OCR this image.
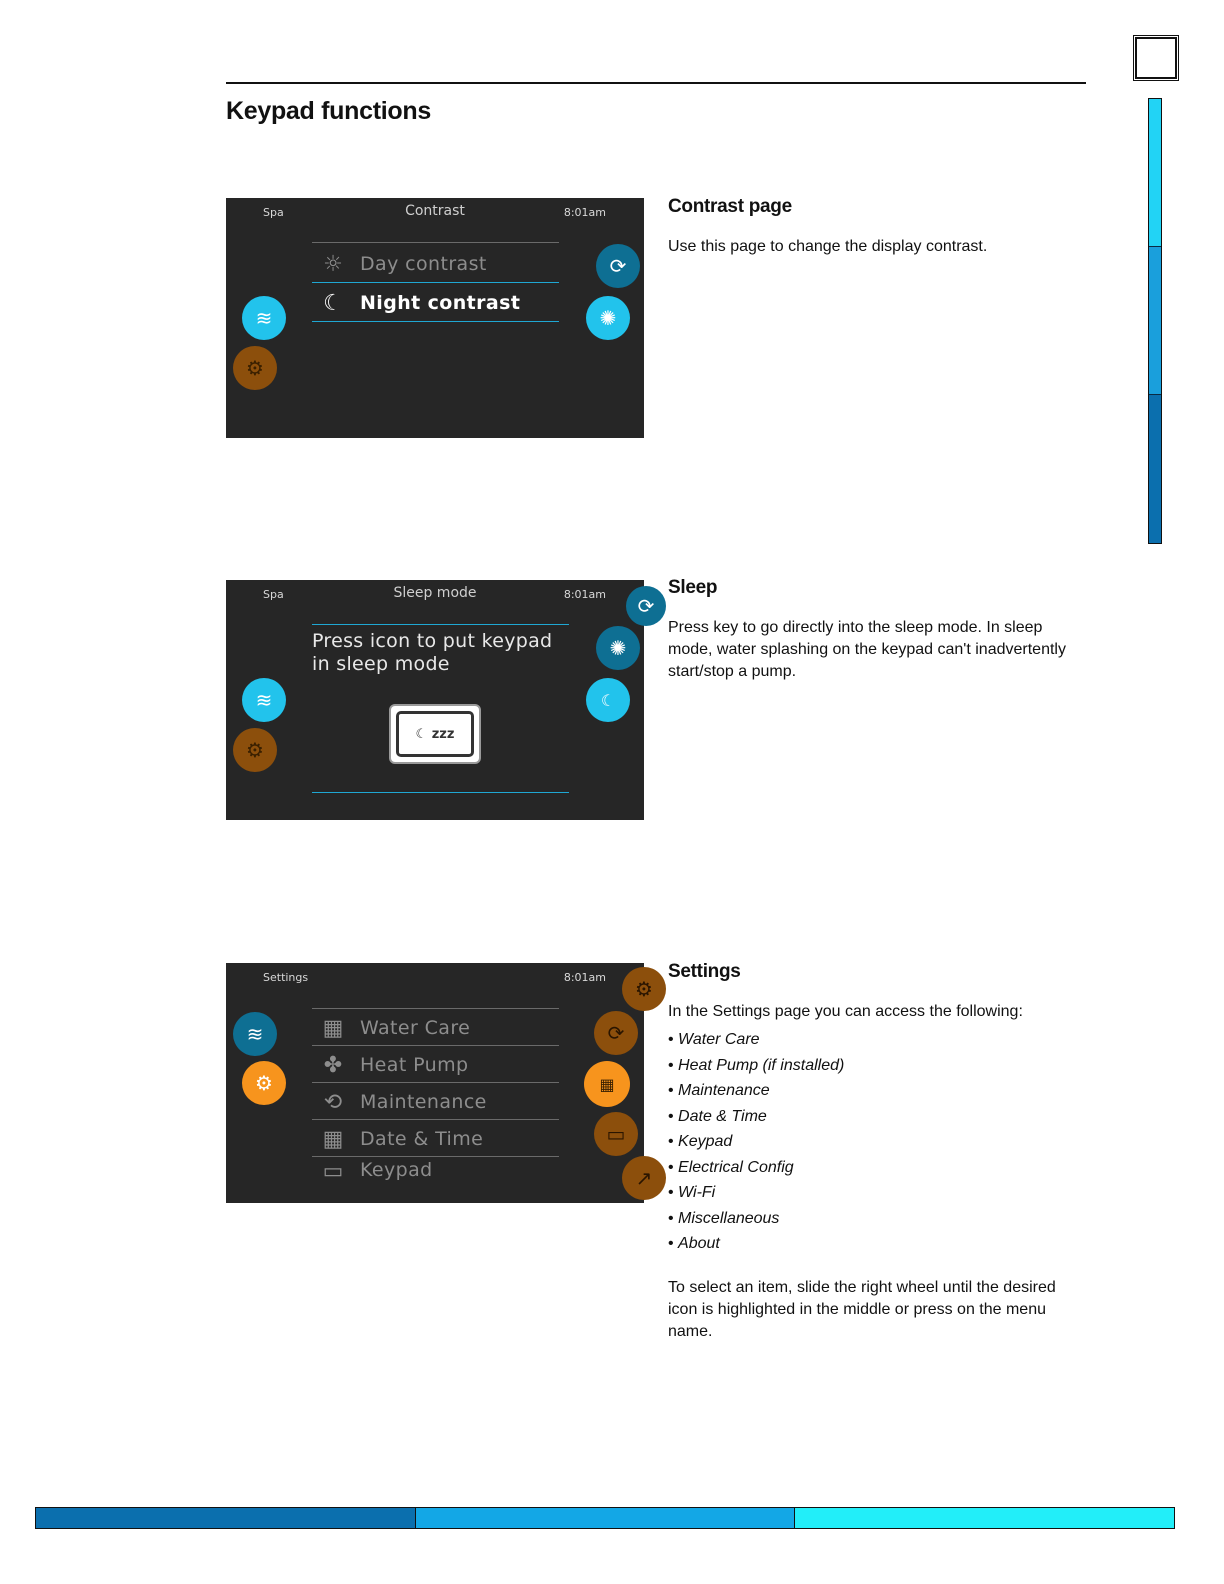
Keypad functions
Spa	Contrast	8:01am
☼ Day contrast
☾ Night contrast
≋
⚙
⟳
✺
Contrast page

Use this page to change the display contrast.

Spa	Sleep mode	8:01am
Press icon to put keypad in sleep mode
☾ zzz
≋
⚙
⟳
✺
☾
Sleep

Press key to go directly into the sleep mode. In sleep mode, water splashing on the keypad can't inadvertently start/stop a pump.

Settings	8:01am
▦ Water Care
✤ Heat Pump
⟲ Maintenance
▦ Date & Time
▭ Keypad
≋
⚙
⚙
⟳
▦
▭
↗
Settings

In the Settings page you can access the following:

• Water Care
• Heat Pump (if installed)
• Maintenance
• Date & Time
• Keypad
• Electrical Config
• Wi-Fi
• Miscellaneous
• About

To select an item, slide the right wheel until the desired icon is highlighted in the middle or press on the menu name.
